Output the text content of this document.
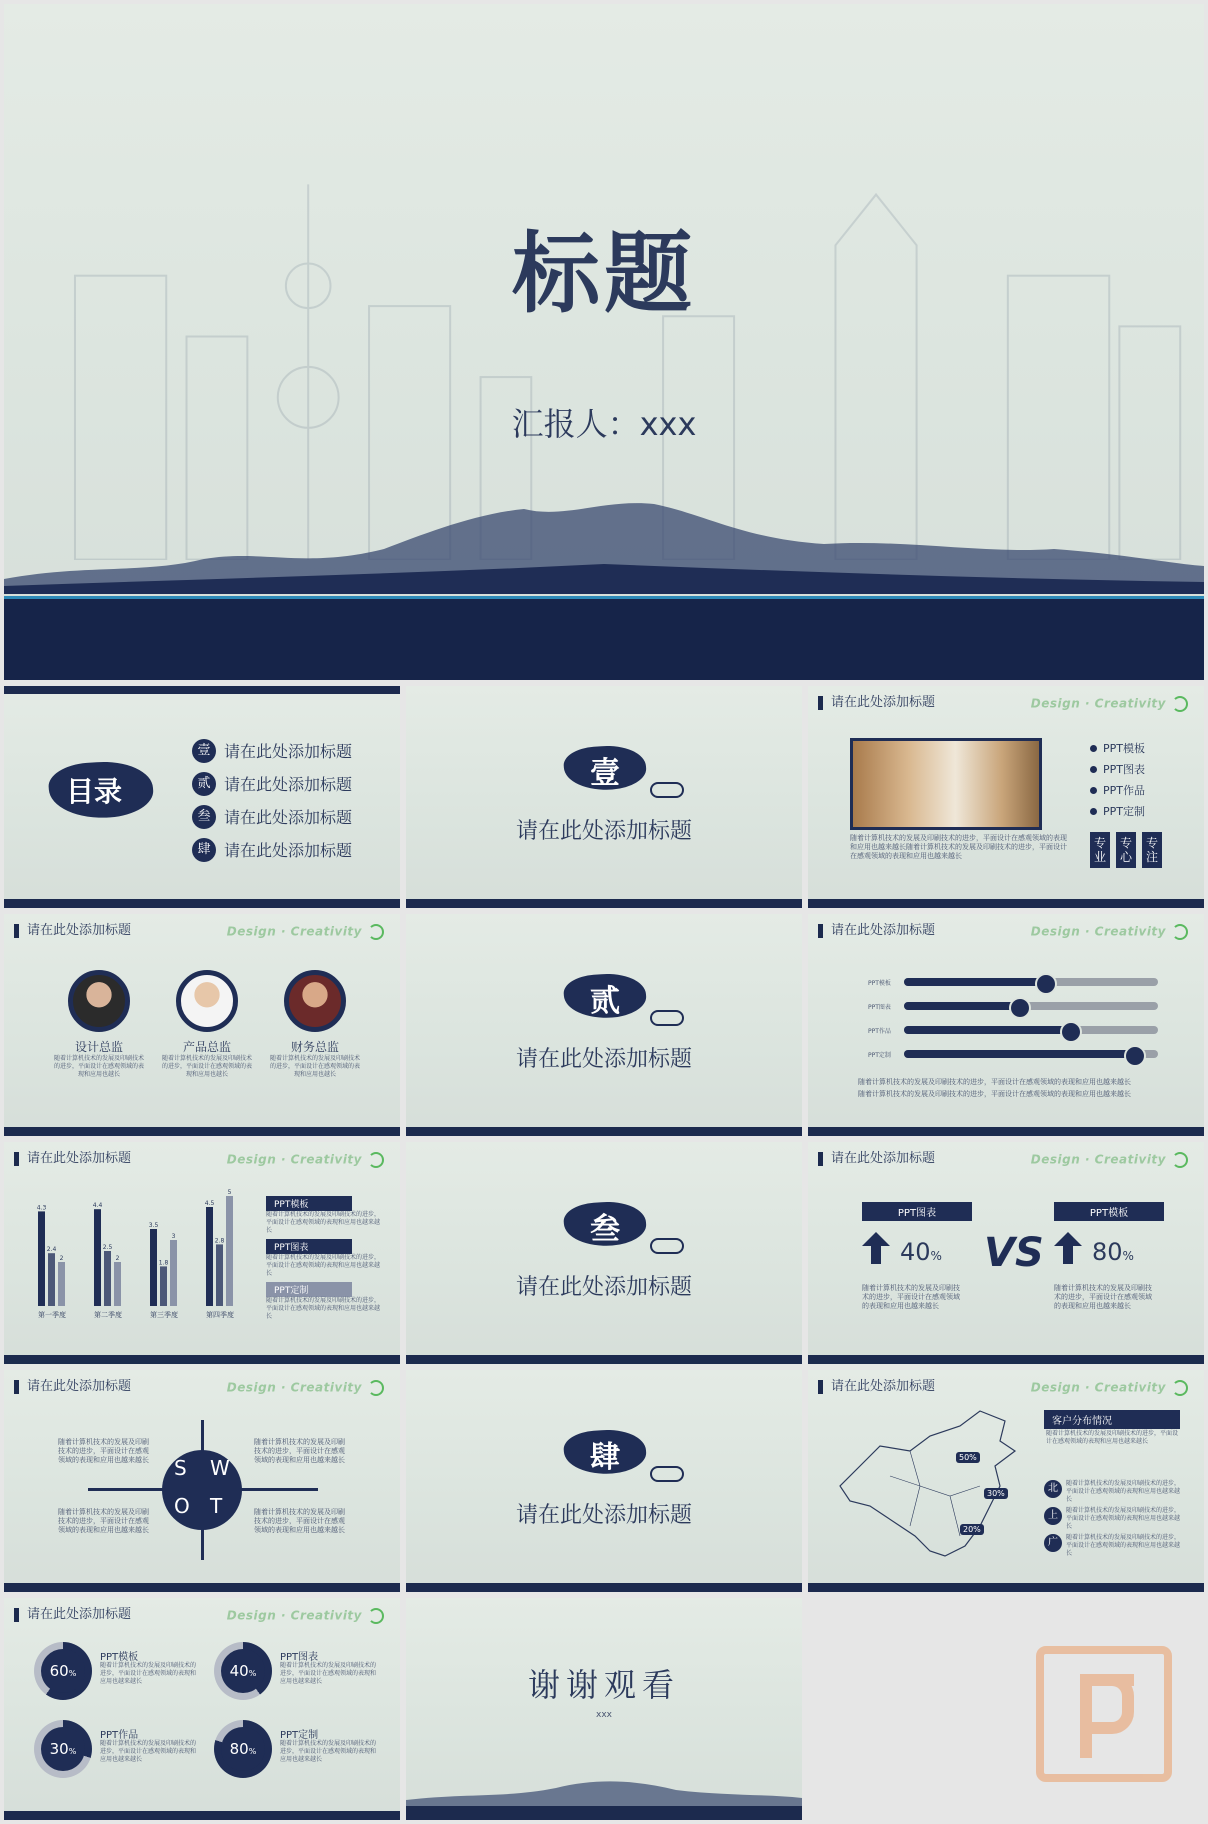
标题
汇报人：xxx
目录
壹 请在此处添加标题
贰 请在此处添加标题
叁 请在此处添加标题
肆 请在此处添加标题
壹
请在此处添加标题
请在此处添加标题	Design · Creativity
PPT模板
PPT图表
PPT作品
PPT定制
随着计算机技术的发展及印刷技术的进步，平面设计在感观领域的表现和应用也越来越长随着计算机技术的发展及印刷技术的进步，平面设计在感观领域的表现和应用也越来越长
专业
专心
专注
请在此处添加标题	Design · Creativity
设计总监
随着计算机技术的发展及印刷技术的进步，平面设计在感观领域的表现和应用也越长
产品总监
随着计算机技术的发展及印刷技术的进步，平面设计在感观领域的表现和应用也越长
财务总监
随着计算机技术的发展及印刷技术的进步，平面设计在感观领域的表现和应用也越长
贰
请在此处添加标题
请在此处添加标题	Design · Creativity
PPT模板
PPT图表
PPT作品
PPT定制
随着计算机技术的发展及印刷技术的进步，平面设计在感观领域的表现和应用也越来越长
随着计算机技术的发展及印刷技术的进步，平面设计在感观领域的表现和应用也越来越长
请在此处添加标题	Design · Creativity
4.3
2.4
2
第一季度
4.4
2.5
2
第二季度
3.5
1.8
3
第三季度
4.5
2.8
5
第四季度
PPT模板
随着计算机技术的发展及印刷技术的进步，平面设计在感观领域的表现和应用也越来越长
PPT图表
随着计算机技术的发展及印刷技术的进步，平面设计在感观领域的表现和应用也越来越长
PPT定制
随着计算机技术的发展及印刷技术的进步，平面设计在感观领域的表现和应用也越来越长
叁
请在此处添加标题
请在此处添加标题	Design · Creativity
PPT图表
40%
随着计算机技术的发展及印刷技术的进步，平面设计在感观领域的表现和应用也越来越长
VS
PPT模板
80%
随着计算机技术的发展及印刷技术的进步，平面设计在感观领域的表现和应用也越来越长
请在此处添加标题	Design · Creativity
随着计算机技术的发展及印刷技术的进步，平面设计在感观领域的表现和应用也越来越长
随着计算机技术的发展及印刷技术的进步，平面设计在感观领域的表现和应用也越来越长
随着计算机技术的发展及印刷技术的进步，平面设计在感观领域的表现和应用也越来越长
随着计算机技术的发展及印刷技术的进步，平面设计在感观领域的表现和应用也越来越长
S W
O T
肆
请在此处添加标题
请在此处添加标题	Design · Creativity
50%
30%
20%
客户分布情况
随着计算机技术的发展及印刷技术的进步，平面设计在感观领域的表现和应用也越来越长
北	随着计算机技术的发展及印刷技术的进步，平面设计在感观领域的表现和应用也越来越长
上	随着计算机技术的发展及印刷技术的进步，平面设计在感观领域的表现和应用也越来越长
广	随着计算机技术的发展及印刷技术的进步，平面设计在感观领域的表现和应用也越来越长
请在此处添加标题	Design · Creativity
60%
PPT模板
随着计算机技术的发展及印刷技术的进步，平面设计在感观领域的表现和应用也越来越长
40%
PPT图表
随着计算机技术的发展及印刷技术的进步，平面设计在感观领域的表现和应用也越来越长
30%
PPT作品
随着计算机技术的发展及印刷技术的进步，平面设计在感观领域的表现和应用也越来越长
80%
PPT定制
随着计算机技术的发展及印刷技术的进步，平面设计在感观领域的表现和应用也越来越长
谢谢观看
xxx
